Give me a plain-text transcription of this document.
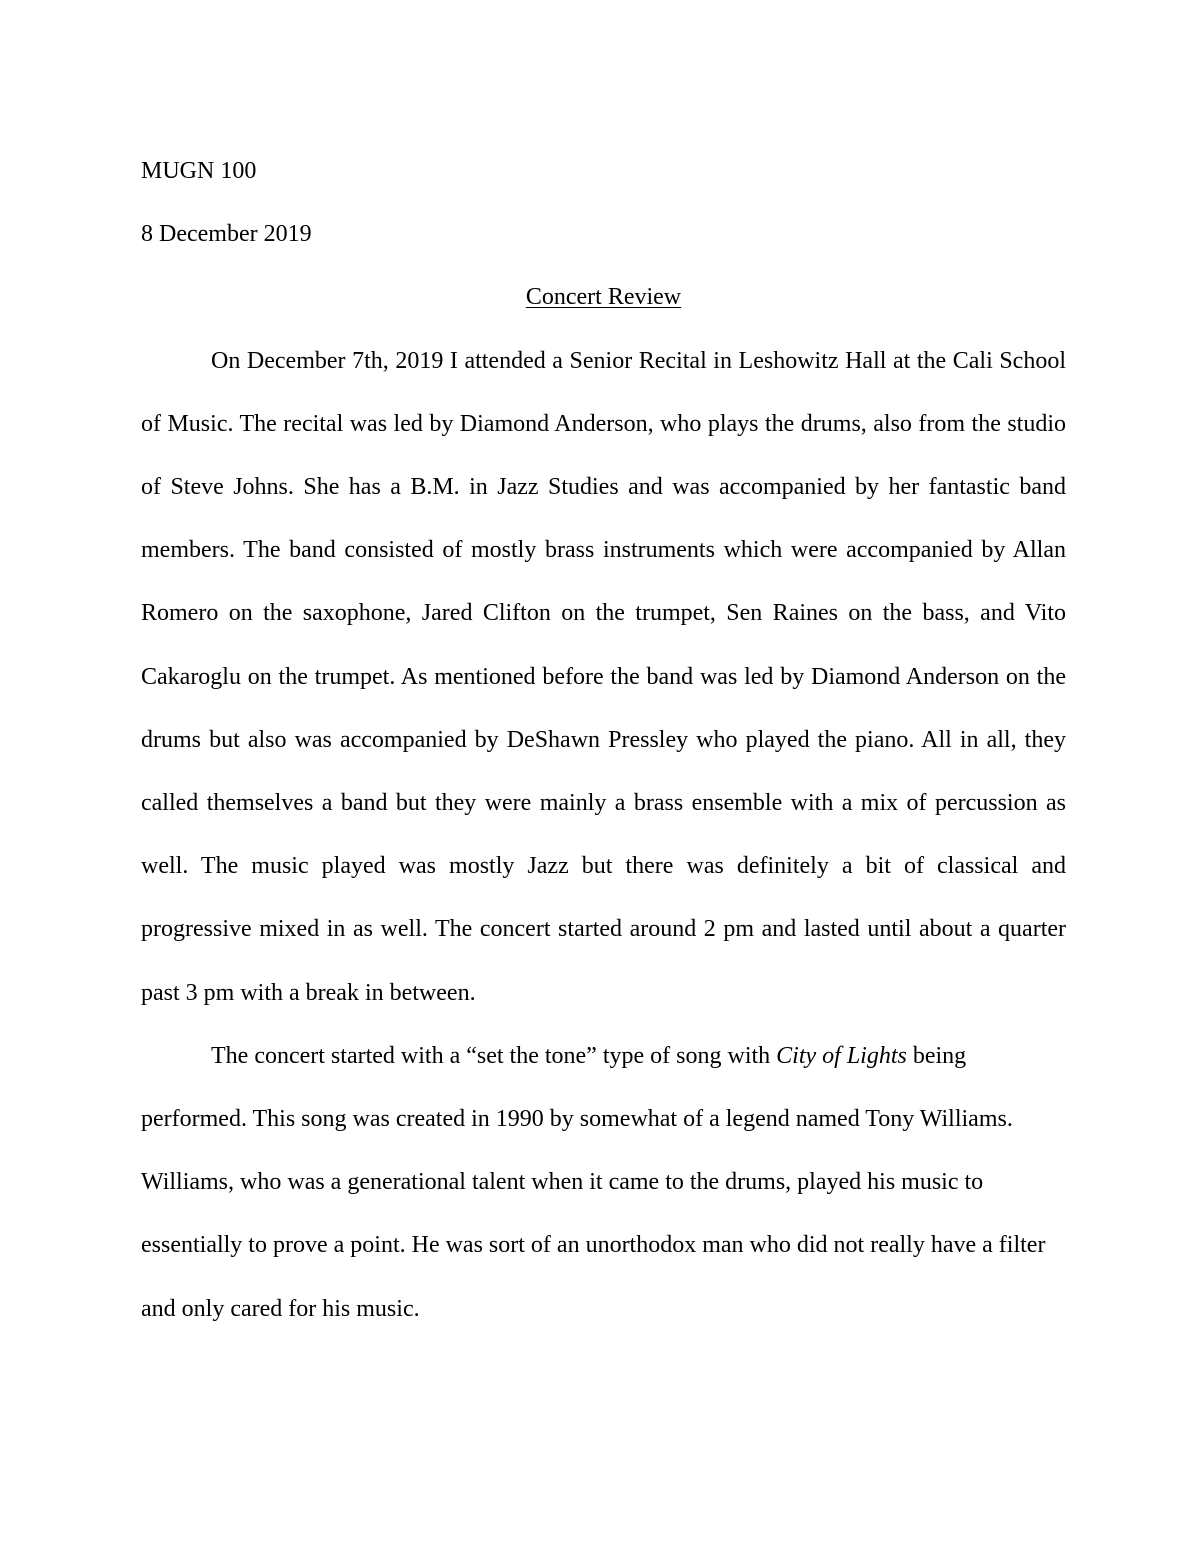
MUGN 100

8 December 2019

Concert Review

On December 7th, 2019 I attended a Senior Recital in Leshowitz Hall at the Cali School of Music. The recital was led by Diamond Anderson, who plays the drums, also from the studio of Steve Johns. She has a B.M. in Jazz Studies and was accompanied by her fantastic band members. The band consisted of mostly brass instruments which were accompanied by Allan Romero on the saxophone, Jared Clifton on the trumpet, Sen Raines on the bass, and Vito Cakaroglu on the trumpet. As mentioned before the band was led by Diamond Anderson on the drums but also was accompanied by DeShawn Pressley who played the piano. All in all, they called themselves a band but they were mainly a brass ensemble with a mix of percussion as well. The music played was mostly Jazz but there was definitely a bit of classical and progressive mixed in as well. The concert started around 2 pm and lasted until about a quarter past 3 pm with a break in between.

The concert started with a “set the tone” type of song with City of Lights being performed. This song was created in 1990 by somewhat of a legend named Tony Williams. Williams, who was a generational talent when it came to the drums, played his music to essentially to prove a point. He was sort of an unorthodox man who did not really have a filter and only cared for his music.
